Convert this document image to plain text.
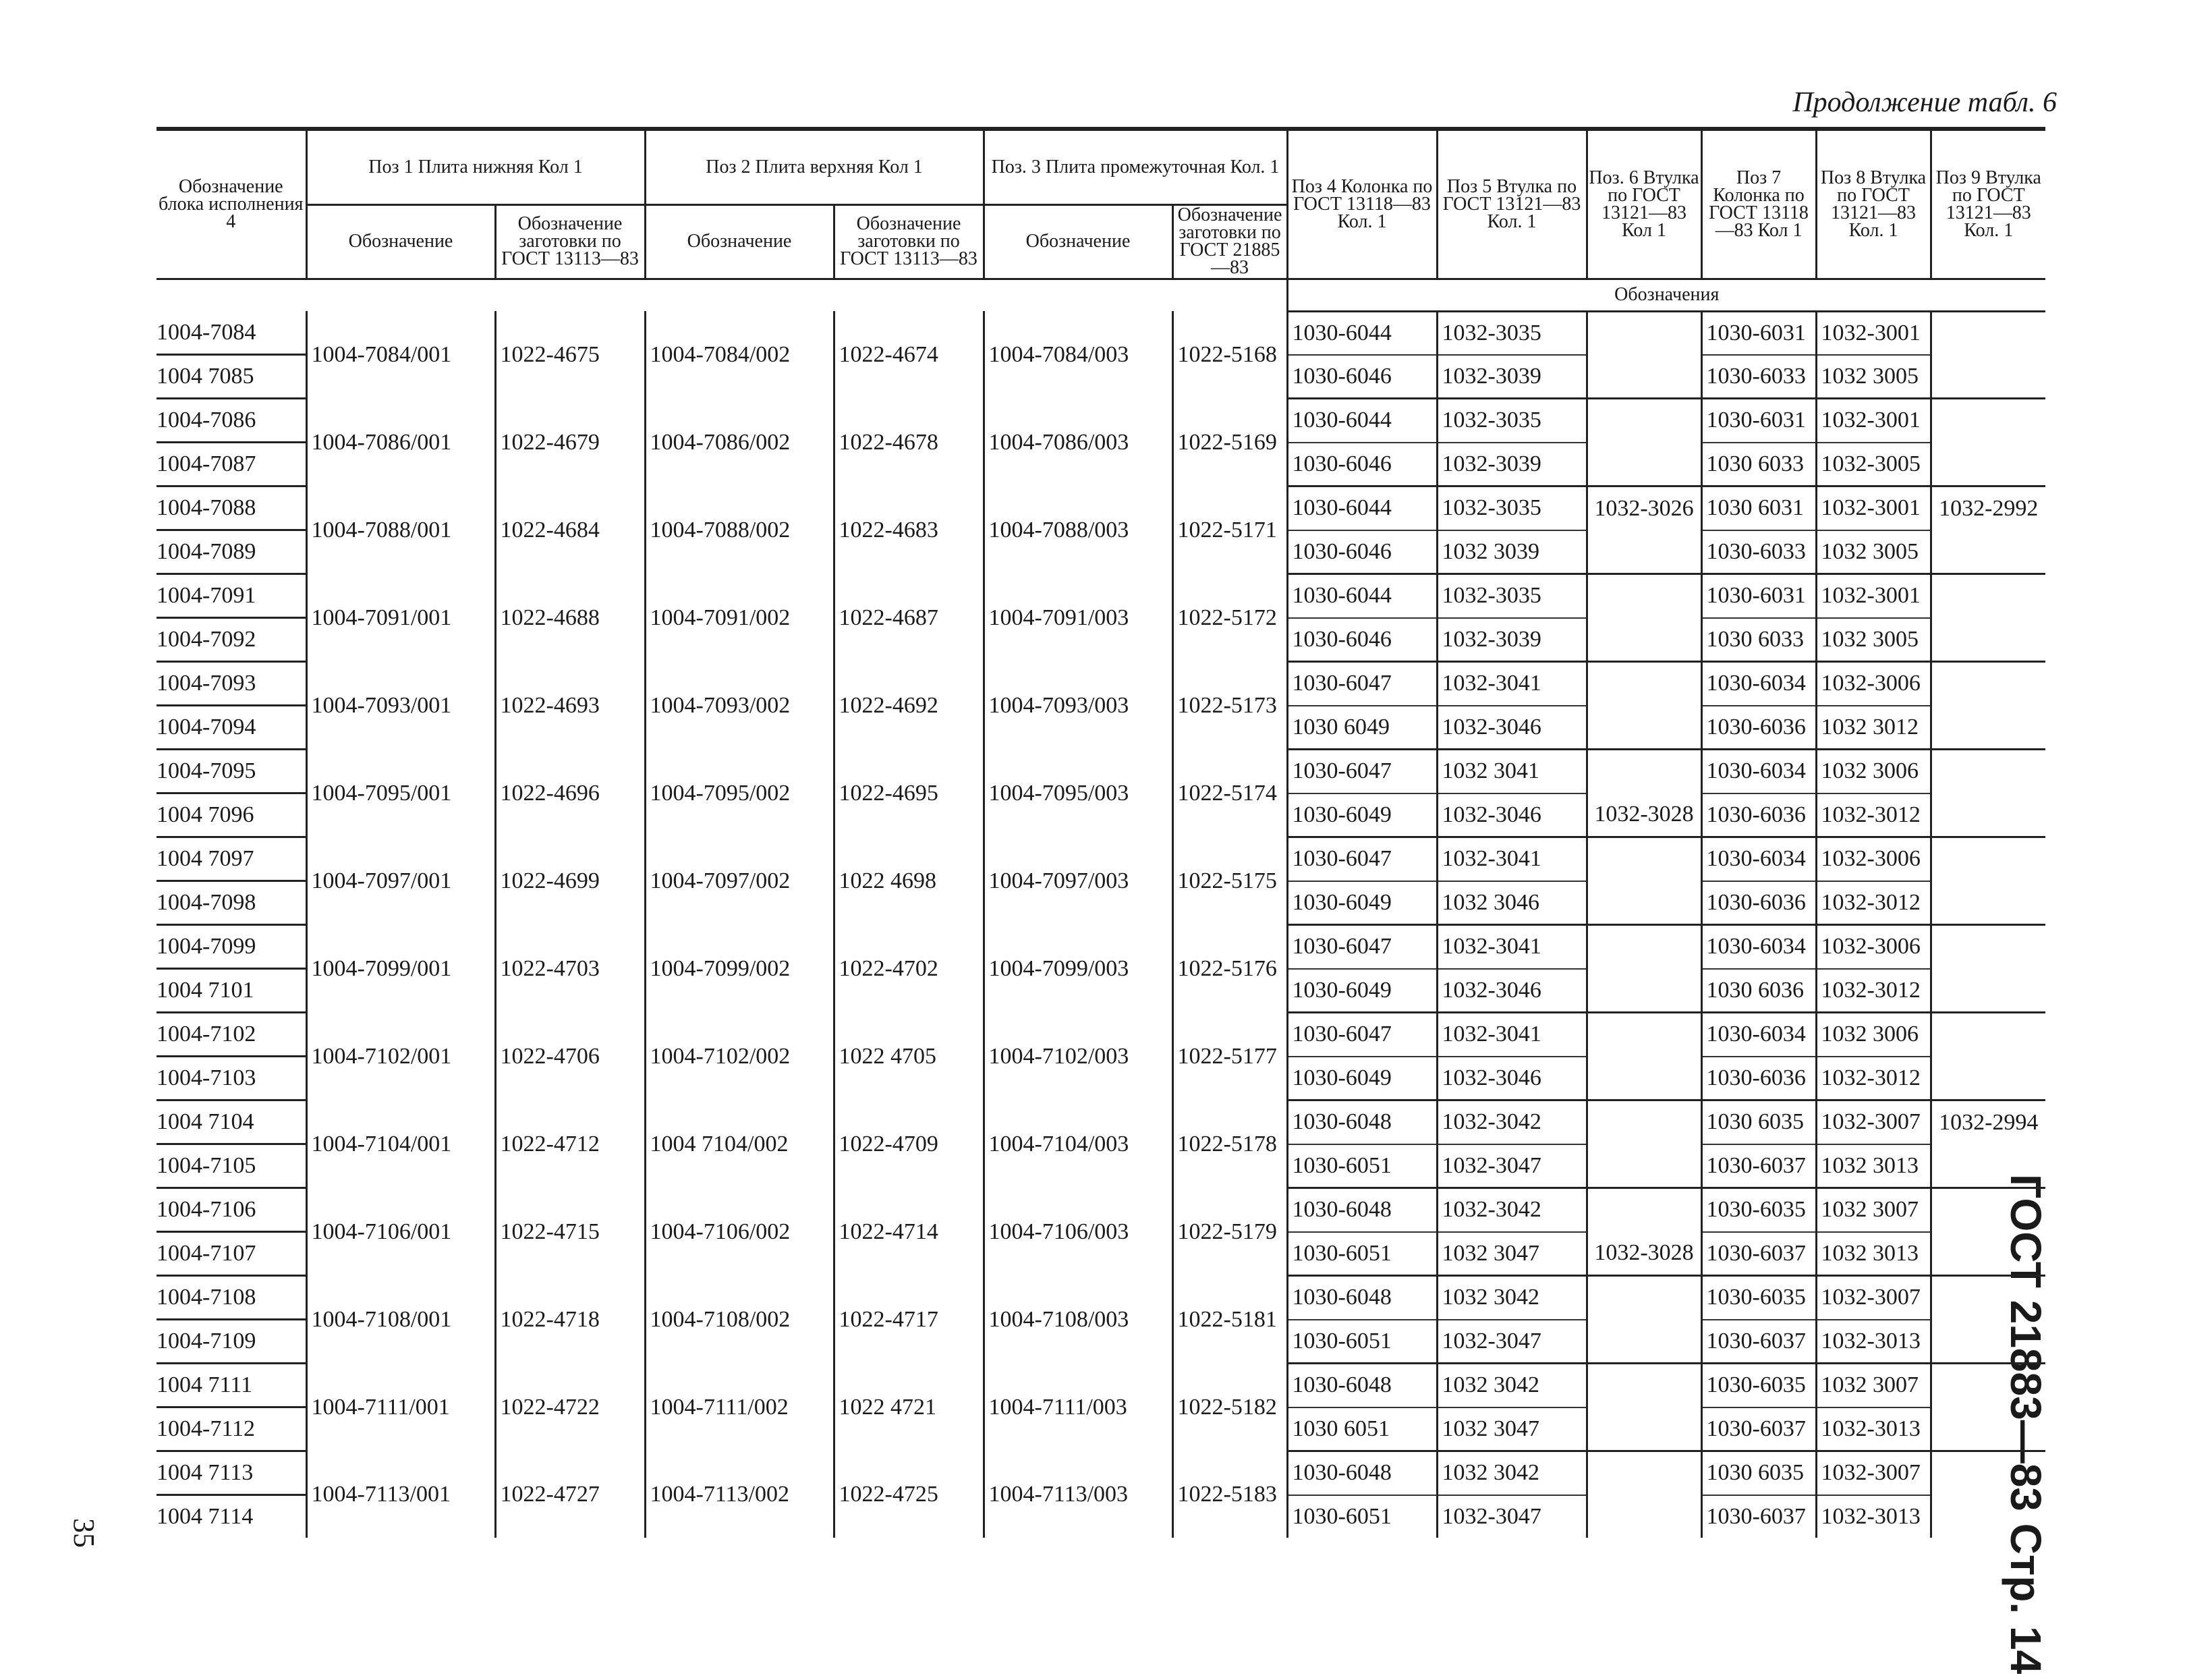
Продолжение табл. 6
ГОСТ 21883—83 Стр. 14
35
Обозначение блока исполнения 4	Поз 1 Плита нижняя Кол 1		Поз 2 Плита верхняя Кол 1		Поз. 3 Плита промежуточная Кол. 1		Поз 4 Колонка по ГОСТ 13118—83 Кол. 1	Поз 5 Втулка по ГОСТ 13121—83 Кол. 1	Поз. 6 Втулка по ГОСТ 13121—83 Кол 1	Поз 7 Колонка по ГОСТ 13118—83 Кол 1	Поз 8 Втулка по ГОСТ 13121—83 Кол. 1	Поз 9 Втулка по ГОСТ 13121—83 Кол. 1
	Обозначение	Обозначение заготовки по ГОСТ 13113—83	Обозначение	Обозначение заготовки по ГОСТ 13113—83	Обозначение	Обозначение заготовки по ГОСТ 21885—83						
							Обозначения					
1004-7084	1004-7084/001	1022-4675	1004-7084/002	1022-4674	1004-7084/003	1022-5168	1030-6044	1032-3035		1030-6031	1032-3001	
1004 7085							1030-6046	1032-3039		1030-6033	1032 3005	
1004-7086	1004-7086/001	1022-4679	1004-7086/002	1022-4678	1004-7086/003	1022-5169	1030-6044	1032-3035		1030-6031	1032-3001	
1004-7087							1030-6046	1032-3039		1030 6033	1032-3005	
1004-7088	1004-7088/001	1022-4684	1004-7088/002	1022-4683	1004-7088/003	1022-5171	1030-6044	1032-3035	1032-3026	1030 6031	1032-3001	1032-2992
1004-7089							1030-6046	1032 3039		1030-6033	1032 3005	
1004-7091	1004-7091/001	1022-4688	1004-7091/002	1022-4687	1004-7091/003	1022-5172	1030-6044	1032-3035		1030-6031	1032-3001	
1004-7092							1030-6046	1032-3039		1030 6033	1032 3005	
1004-7093	1004-7093/001	1022-4693	1004-7093/002	1022-4692	1004-7093/003	1022-5173	1030-6047	1032-3041		1030-6034	1032-3006	
1004-7094							1030 6049	1032-3046		1030-6036	1032 3012	
1004-7095	1004-7095/001	1022-4696	1004-7095/002	1022-4695	1004-7095/003	1022-5174	1030-6047	1032 3041		1030-6034	1032 3006	
1004 7096							1030-6049	1032-3046	1032-3028	1030-6036	1032-3012	
1004 7097	1004-7097/001	1022-4699	1004-7097/002	1022 4698	1004-7097/003	1022-5175	1030-6047	1032-3041		1030-6034	1032-3006	
1004-7098							1030-6049	1032 3046		1030-6036	1032-3012	
1004-7099	1004-7099/001	1022-4703	1004-7099/002	1022-4702	1004-7099/003	1022-5176	1030-6047	1032-3041		1030-6034	1032-3006	
1004 7101							1030-6049	1032-3046		1030 6036	1032-3012	
1004-7102	1004-7102/001	1022-4706	1004-7102/002	1022 4705	1004-7102/003	1022-5177	1030-6047	1032-3041		1030-6034	1032 3006	
1004-7103							1030-6049	1032-3046		1030-6036	1032-3012	
1004 7104	1004-7104/001	1022-4712	1004 7104/002	1022-4709	1004-7104/003	1022-5178	1030-6048	1032-3042		1030 6035	1032-3007	1032-2994
1004-7105							1030-6051	1032-3047		1030-6037	1032 3013	
1004-7106	1004-7106/001	1022-4715	1004-7106/002	1022-4714	1004-7106/003	1022-5179	1030-6048	1032-3042		1030-6035	1032 3007	
1004-7107							1030-6051	1032 3047	1032-3028	1030-6037	1032 3013	
1004-7108	1004-7108/001	1022-4718	1004-7108/002	1022-4717	1004-7108/003	1022-5181	1030-6048	1032 3042		1030-6035	1032-3007	
1004-7109							1030-6051	1032-3047		1030-6037	1032-3013	
1004 7111	1004-7111/001	1022-4722	1004-7111/002	1022 4721	1004-7111/003	1022-5182	1030-6048	1032 3042		1030-6035	1032 3007	
1004-7112							1030 6051	1032 3047		1030-6037	1032-3013	
1004 7113	1004-7113/001	1022-4727	1004-7113/002	1022-4725	1004-7113/003	1022-5183	1030-6048	1032 3042		1030 6035	1032-3007	
1004 7114							1030-6051	1032-3047		1030-6037	1032-3013	
